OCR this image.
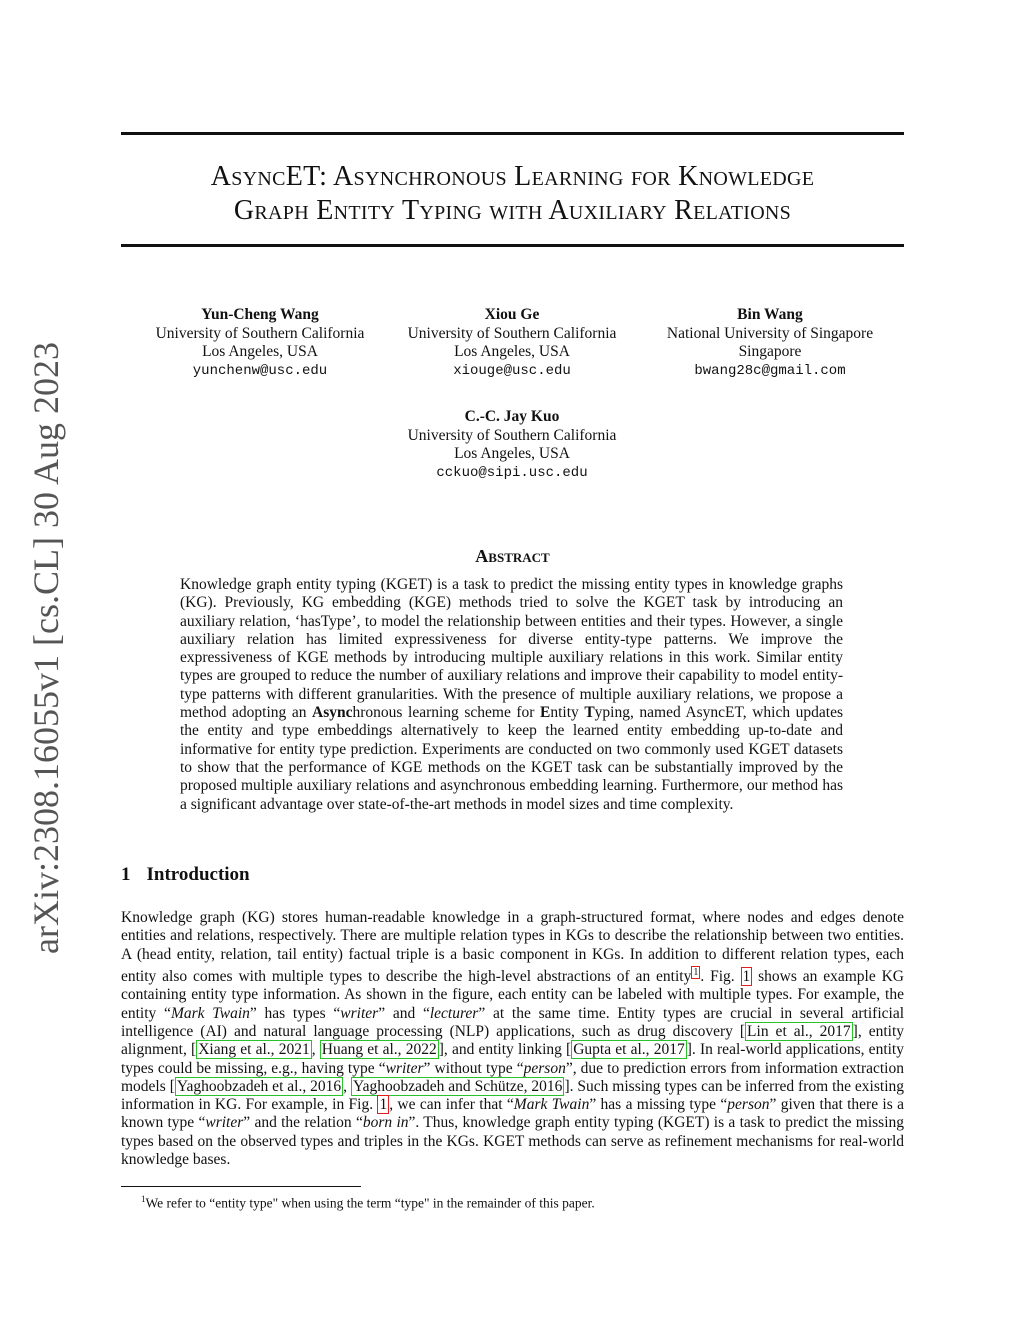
arXiv:2308.16055v1 [cs.CL] 30 Aug 2023
AsyncET: Asynchronous Learning for Knowledge
Graph Entity Typing with Auxiliary Relations
Yun-Cheng Wang
University of Southern California
Los Angeles, USA
yunchenw@usc.edu
Xiou Ge
University of Southern California
Los Angeles, USA
xiouge@usc.edu
Bin Wang
National University of Singapore
Singapore
bwang28c@gmail.com
C.-C. Jay Kuo
University of Southern California
Los Angeles, USA
cckuo@sipi.usc.edu
Abstract
Knowledge graph entity typing (KGET) is a task to predict the missing entity types in knowledge graphs (KG). Previously, KG embedding (KGE) methods tried to solve the KGET task by introducing an auxiliary relation, ‘hasType’, to model the relationship between entities and their types. However, a single auxiliary relation has limited expressiveness for diverse entity-type patterns. We improve the expressiveness of KGE methods by introducing multiple auxiliary relations in this work. Similar entity types are grouped to reduce the number of auxiliary relations and improve their capability to model entity-type patterns with different granularities. With the presence of multiple auxiliary relations, we propose a method adopting an Asynchronous learning scheme for Entity Typing, named AsyncET, which updates the entity and type embeddings alternatively to keep the learned entity embedding up-to-date and informative for entity type prediction. Experiments are conducted on two commonly used KGET datasets to show that the performance of KGE methods on the KGET task can be substantially improved by the proposed multiple auxiliary relations and asynchronous embedding learning. Furthermore, our method has a significant advantage over state-of-the-art methods in model sizes and time complexity.
1 Introduction
Knowledge graph (KG) stores human-readable knowledge in a graph-structured format, where nodes and edges denote entities and relations, respectively. There are multiple relation types in KGs to describe the relationship between two entities. A (head entity, relation, tail entity) factual triple is a basic component in KGs. In addition to different relation types, each entity also comes with multiple types to describe the high-level abstractions of an entity $^1$ . Fig. 1 shows an example KG containing entity type information. As shown in the figure, each entity can be labeled with multiple types. For example, the entity “Mark Twain” has types “writer” and “lecturer” at the same time. Entity types are crucial in several artificial intelligence (AI) and natural language processing (NLP) applications, such as drug discovery [ Lin et al., 2017 ], entity alignment, [ Xiang et al., 2021 , Huang et al., 2022 ], and entity linking [ Gupta et al., 2017 ]. In real-world applications, entity types could be missing, e.g., having type “writer” without type “person”, due to prediction errors from information extraction models [ Yaghoobzadeh et al., 2016 , Yaghoobzadeh and Schütze, 2016 ]. Such missing types can be inferred from the existing information in KG. For example, in Fig. 1 , we can infer that “Mark Twain” has a missing type “person” given that there is a known type “writer” and the relation “born in”. Thus, knowledge graph entity typing (KGET) is a task to predict the missing types based on the observed types and triples in the KGs. KGET methods can serve as refinement mechanisms for real-world knowledge bases.
$^1$We refer to “entity type" when using the term “type" in the remainder of this paper.
